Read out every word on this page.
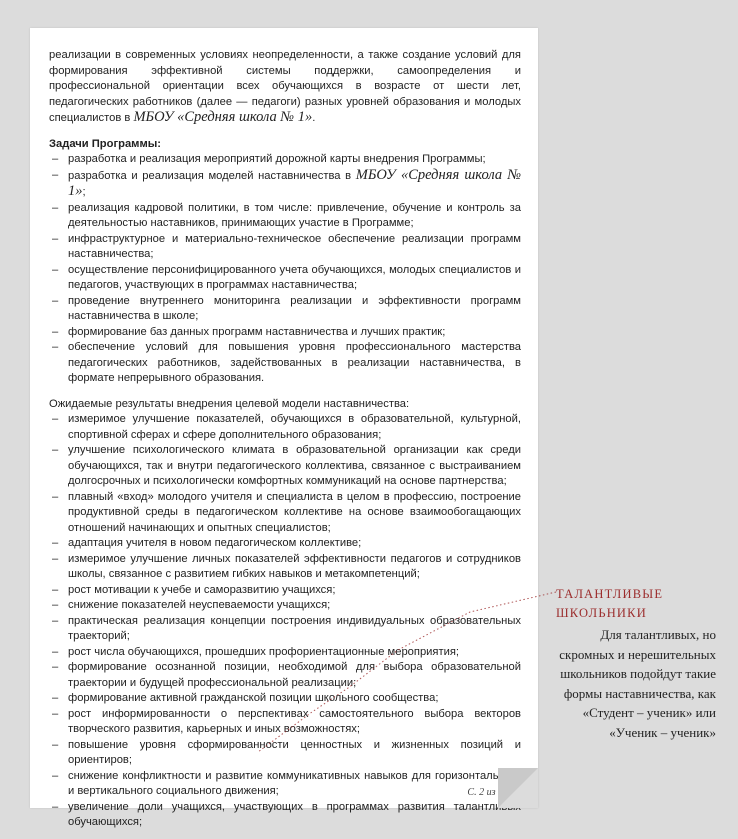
реализации в современных условиях неопределенности, а также создание условий для формирования эффективной системы поддержки, самоопределения и профессиональной ориентации всех обучающихся в возрасте от шести лет, педагогических работников (далее — педагоги) разных уровней образования и молодых специалистов в МБОУ «Средняя школа № 1».

Задачи Программы:

– разработка и реализация мероприятий дорожной карты внедрения Программы;
– разработка и реализация моделей наставничества в МБОУ «Средняя школа № 1»;
– реализация кадровой политики, в том числе: привлечение, обучение и контроль за деятельностью наставников, принимающих участие в Программе;
– инфраструктурное и материально-техническое обеспечение реализации программ наставничества;
– осуществление персонифицированного учета обучающихся, молодых специалистов и педагогов, участвующих в программах наставничества;
– проведение внутреннего мониторинга реализации и эффективности программ наставничества в школе;
– формирование баз данных программ наставничества и лучших практик;
– обеспечение условий для повышения уровня профессионального мастерства педагогических работников, задействованных в реализации наставничества, в формате непрерывного образования.

Ожидаемые результаты внедрения целевой модели наставничества:

– измеримое улучшение показателей, обучающихся в образовательной, культурной, спортивной сферах и сфере дополнительного образования;
– улучшение психологического климата в образовательной организации как среди обучающихся, так и внутри педагогического коллектива, связанное с выстраиванием долгосрочных и психологически комфортных коммуникаций на основе партнерства;
– плавный «вход» молодого учителя и специалиста в целом в профессию, построение продуктивной среды в педагогическом коллективе на основе взаимообогащающих отношений начинающих и опытных специалистов;
– адаптация учителя в новом педагогическом коллективе;
– измеримое улучшение личных показателей эффективности педагогов и сотрудников школы, связанное с развитием гибких навыков и метакомпетенций;
– рост мотивации к учебе и саморазвитию учащихся;
– снижение показателей неуспеваемости учащихся;
– практическая реализация концепции построения индивидуальных образовательных траекторий;
– рост числа обучающихся, прошедших профориентационные мероприятия;
– формирование осознанной позиции, необходимой для выбора образовательной траектории и будущей профессиональной реализации;
– формирование активной гражданской позиции школьного сообщества;
– рост информированности о перспективах самостоятельного выбора векторов творческого развития, карьерных и иных возможностях;
– повышение уровня сформированности ценностных и жизненных позиций и ориентиров;
– снижение конфликтности и развитие коммуникативных навыков для горизонтального и вертикального социального движения;
– увеличение доли учащихся, участвующих в программах развития талантливых обучающихся;
С. 2 из 23
ТАЛАНТЛИВЫЕ
ШКОЛЬНИКИ
Для талантливых, но скромных и нерешительных школьников подойдут такие формы наставничества, как «Студент – ученик» или «Ученик – ученик»
